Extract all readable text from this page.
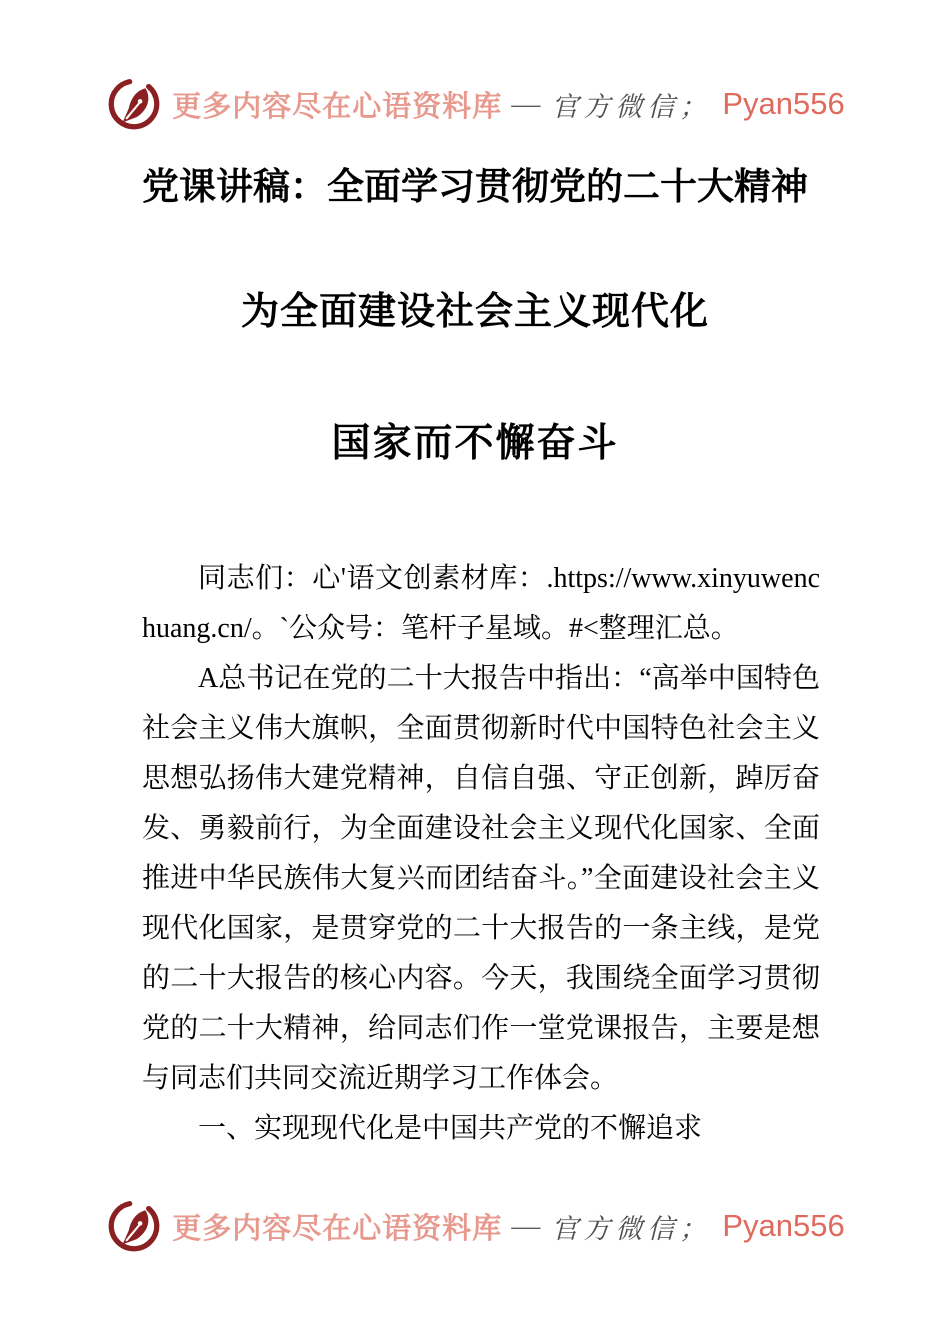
更多内容尽在心语资料库 — 官方微信； Pyan556
党课讲稿：全面学习贯彻党的二十大精神
为全面建设社会主义现代化
国家而不懈奋斗

同志们：心'语文创素材库：.https://www.xinyuwenchuang.cn/。`公众号：笔杆子星域。#<整理汇总。

A总书记在党的二十大报告中指出：“高举中国特色社会主义伟大旗帜，全面贯彻新时代中国特色社会主义思想弘扬伟大建党精神，自信自强、守正创新，踔厉奋发、勇毅前行，为全面建设社会主义现代化国家、全面推进中华民族伟大复兴而团结奋斗。”全面建设社会主义现代化国家，是贯穿党的二十大报告的一条主线，是党的二十大报告的核心内容。今天，我围绕全面学习贯彻党的二十大精神，给同志们作一堂党课报告，主要是想与同志们共同交流近期学习工作体会。

一、实现现代化是中国共产党的不懈追求

更多内容尽在心语资料库 — 官方微信； Pyan556
